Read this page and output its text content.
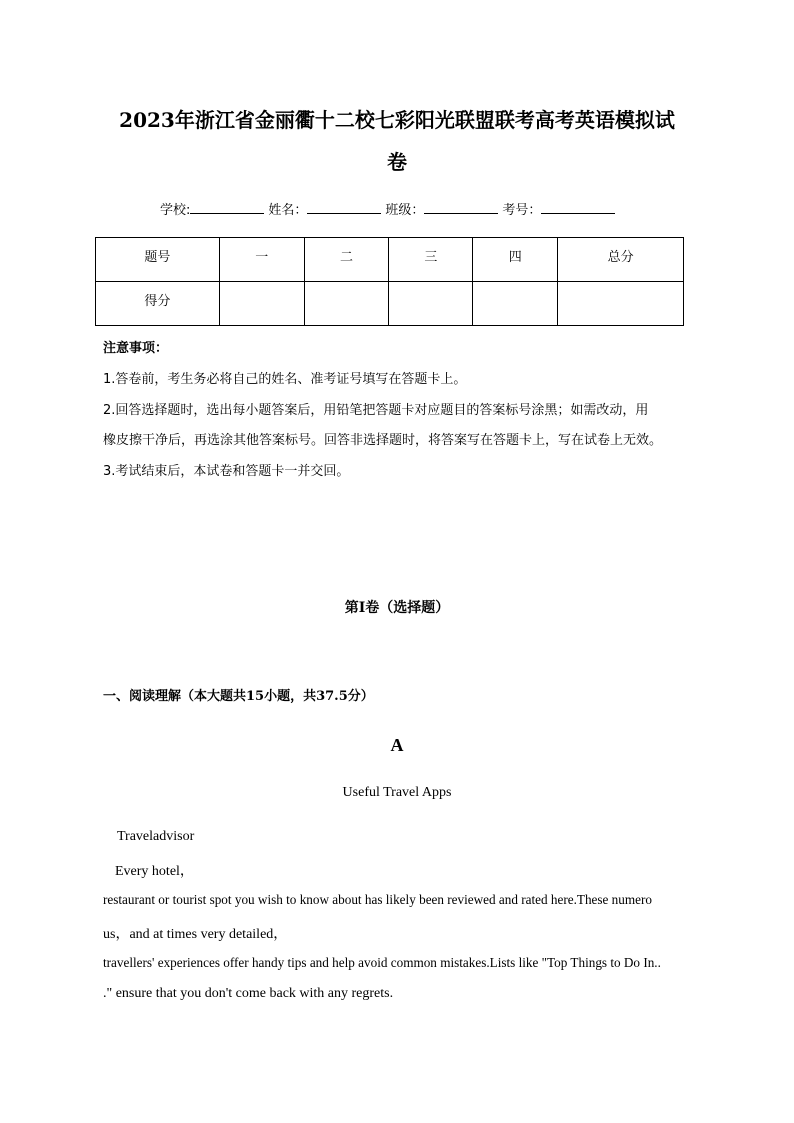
2023年浙江省金丽衢十二校七彩阳光联盟联考高考英语模拟试
卷
学校:	姓名：	班级：	考号：
题号	一	二	三	四	总分
得分					
注意事项：
1.答卷前，考生务必将自己的姓名、准考证号填写在答题卡上。
2.回答选择题时，选出每小题答案后，用铅笔把答题卡对应题目的答案标号涂黑；如需改动，用
橡皮擦干净后，再选涂其他答案标号。回答非选择题时，将答案写在答题卡上，写在试卷上无效。
3.考试结束后，本试卷和答题卡一并交回。
第I卷（选择题）
一、阅读理解（本大题共15小题，共37.5分）
A
Useful Travel Apps
Traveladvisor
Every hotel，
restaurant or tourist spot you wish to know about has likely been reviewed and rated here.These numero
us，and at times very detailed，
travellers' experiences offer handy tips and help avoid common mistakes.Lists like "Top Things to Do In..
." ensure that you don't come back with any regrets.
